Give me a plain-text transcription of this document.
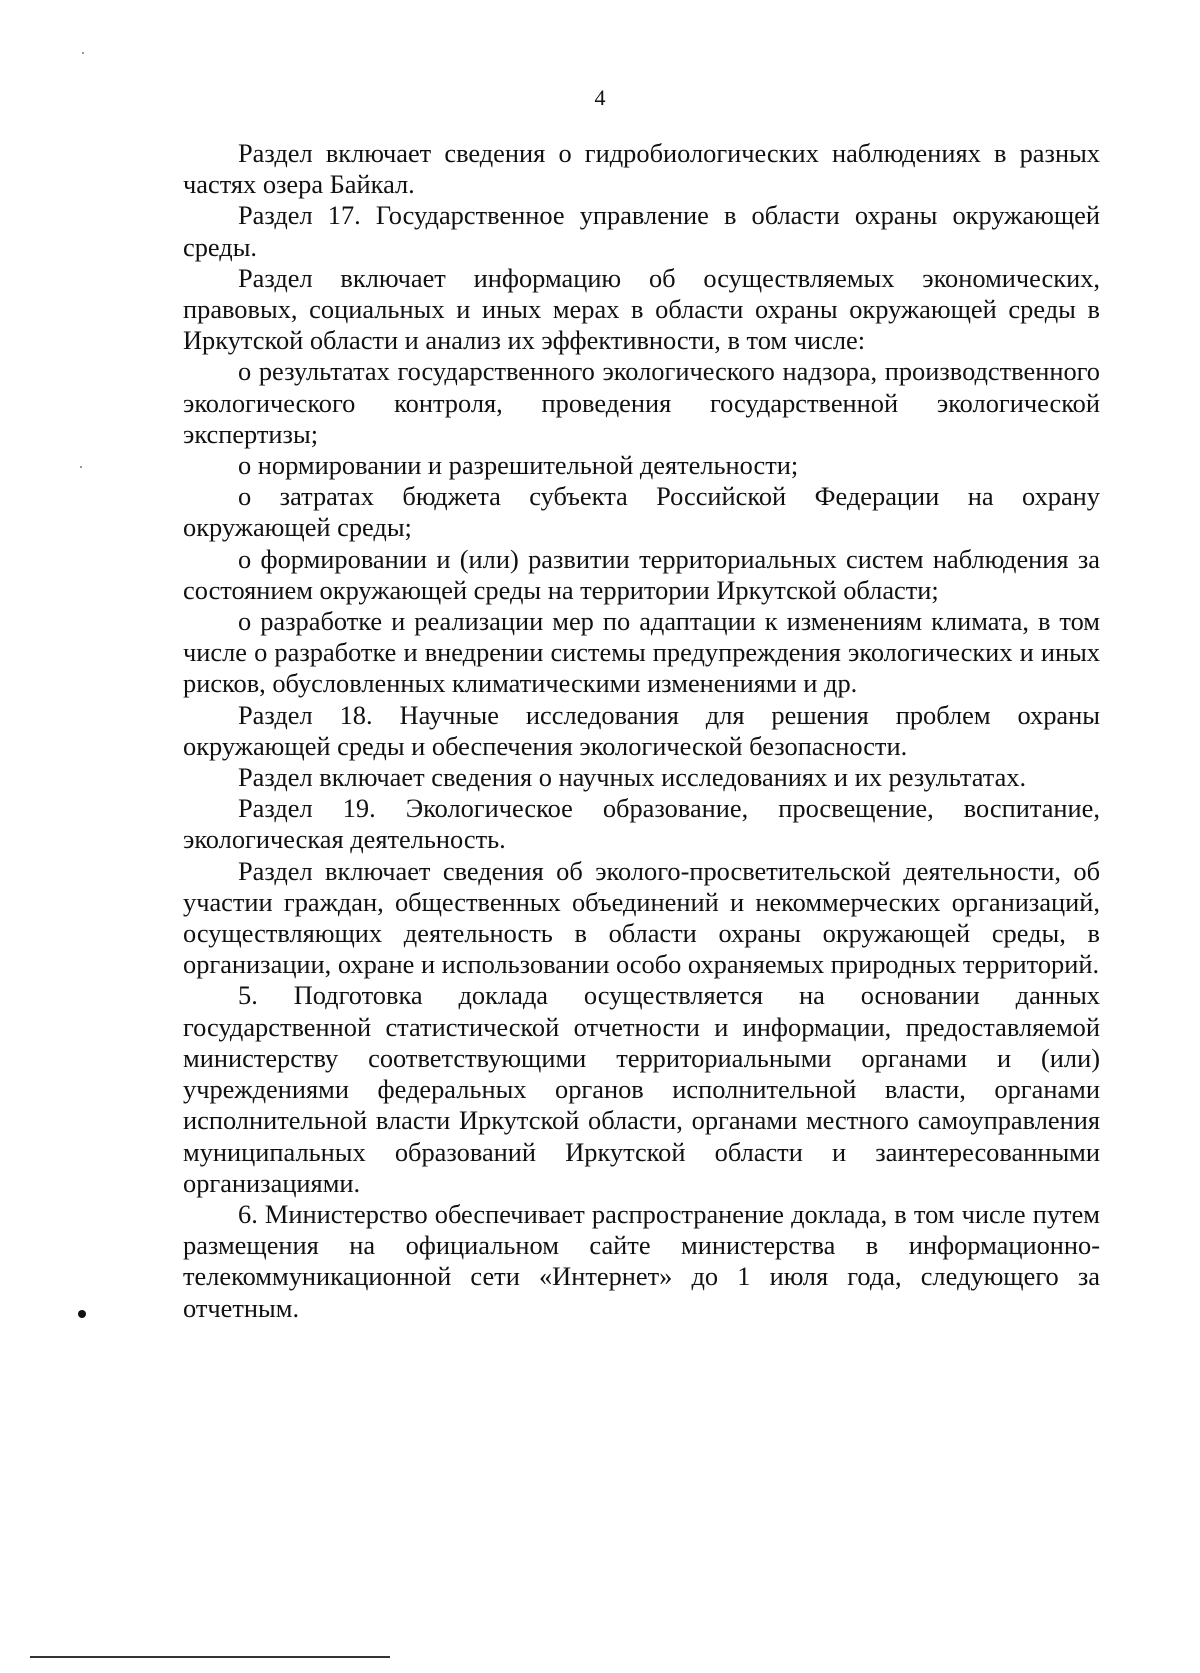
4

Раздел включает сведения о гидробиологических наблюдениях в разных частях озера Байкал.

Раздел 17. Государственное управление в области охраны окружающей среды.

Раздел включает информацию об осуществляемых экономических, правовых, социальных и иных мерах в области охраны окружающей среды в Иркутской области и анализ их эффективности, в том числе:

о результатах государственного экологического надзора, производственного экологического контроля, проведения государственной экологической экспертизы;

о нормировании и разрешительной деятельности;

о затратах бюджета субъекта Российской Федерации на охрану окружающей среды;

о формировании и (или) развитии территориальных систем наблюдения за состоянием окружающей среды на территории Иркутской области;

о разработке и реализации мер по адаптации к изменениям климата, в том числе о разработке и внедрении системы предупреждения экологических и иных рисков, обусловленных климатическими изменениями и др.

Раздел 18. Научные исследования для решения проблем охраны окружающей среды и обеспечения экологической безопасности.

Раздел включает сведения о научных исследованиях и их результатах.

Раздел 19. Экологическое образование, просвещение, воспитание, экологическая деятельность.

Раздел включает сведения об эколого-просветительской деятельности, об участии граждан, общественных объединений и некоммерческих организаций, осуществляющих деятельность в области охраны окружающей среды, в организации, охране и использовании особо охраняемых природных территорий.

5. Подготовка доклада осуществляется на основании данных государственной статистической отчетности и информации, предоставляемой министерству соответствующими территориальными органами и (или) учреждениями федеральных органов исполнительной власти, органами исполнительной власти Иркутской области, органами местного самоуправления муниципальных образований Иркутской области и заинтересованными организациями.

6. Министерство обеспечивает распространение доклада, в том числе путем размещения на официальном сайте министерства в информационно-телекоммуникационной сети «Интернет» до 1 июля года, следующего за отчетным.
